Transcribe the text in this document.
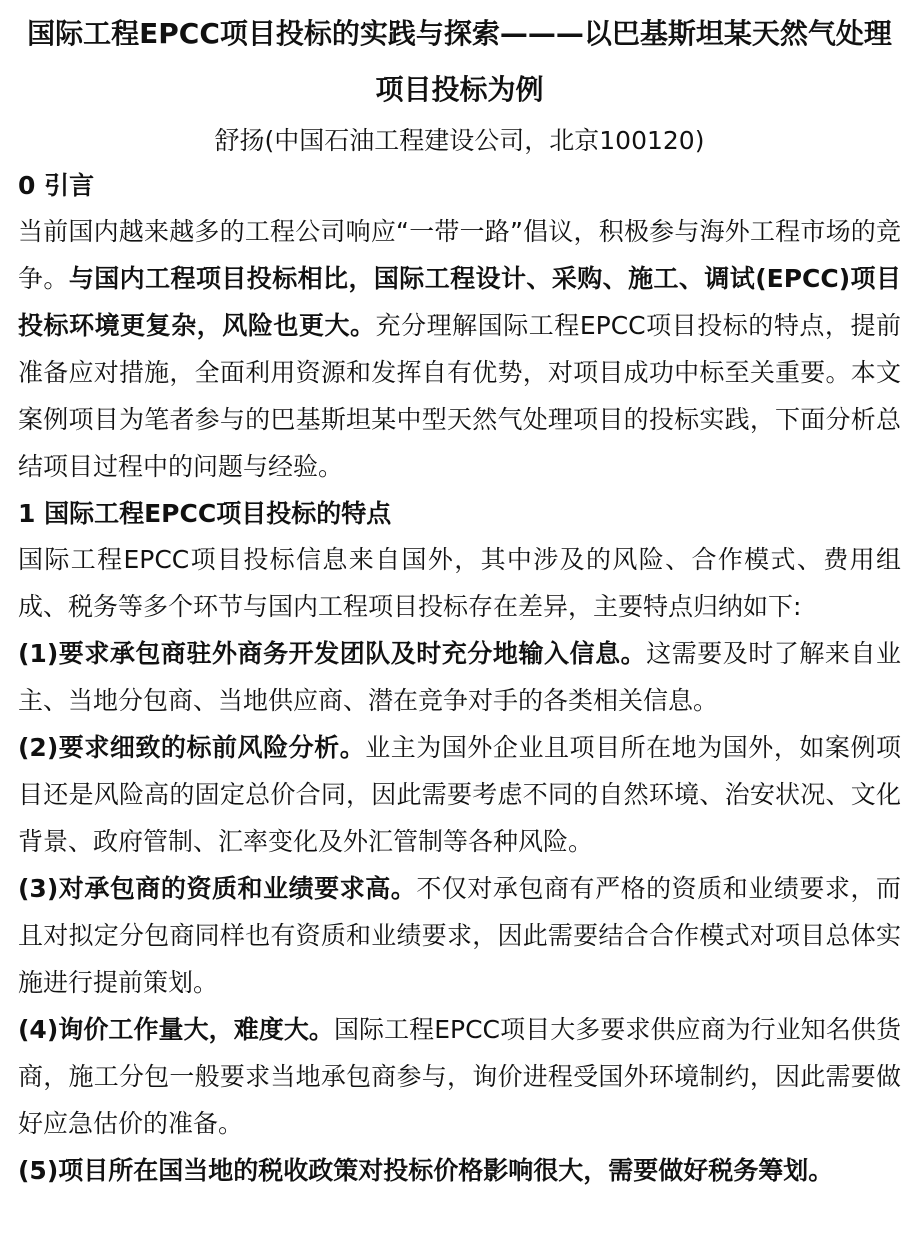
国际工程EPCC项目投标的实践与探索———以巴基斯坦某天然气处理项目投标为例
舒扬(中国石油工程建设公司，北京100120)
0 引言

当前国内越来越多的工程公司响应“一带一路”倡议，积极参与海外工程市场的竞争。与国内工程项目投标相比，国际工程设计、采购、施工、调试(EPCC)项目投标环境更复杂，风险也更大。充分理解国际工程EPCC项目投标的特点，提前准备应对措施，全面利用资源和发挥自有优势，对项目成功中标至关重要。本文案例项目为笔者参与的巴基斯坦某中型天然气处理项目的投标实践，下面分析总结项目过程中的问题与经验。

1 国际工程EPCC项目投标的特点

国际工程EPCC项目投标信息来自国外，其中涉及的风险、合作模式、费用组成、税务等多个环节与国内工程项目投标存在差异，主要特点归纳如下:

(1)要求承包商驻外商务开发团队及时充分地输入信息。这需要及时了解来自业主、当地分包商、当地供应商、潜在竞争对手的各类相关信息。

(2)要求细致的标前风险分析。业主为国外企业且项目所在地为国外，如案例项目还是风险高的固定总价合同，因此需要考虑不同的自然环境、治安状况、文化背景、政府管制、汇率变化及外汇管制等各种风险。

(3)对承包商的资质和业绩要求高。不仅对承包商有严格的资质和业绩要求，而且对拟定分包商同样也有资质和业绩要求，因此需要结合合作模式对项目总体实施进行提前策划。

(4)询价工作量大，难度大。国际工程EPCC项目大多要求供应商为行业知名供货商，施工分包一般要求当地承包商参与，询价进程受国外环境制约，因此需要做好应急估价的准备。

(5)项目所在国当地的税收政策对投标价格影响很大，需要做好税务筹划。
